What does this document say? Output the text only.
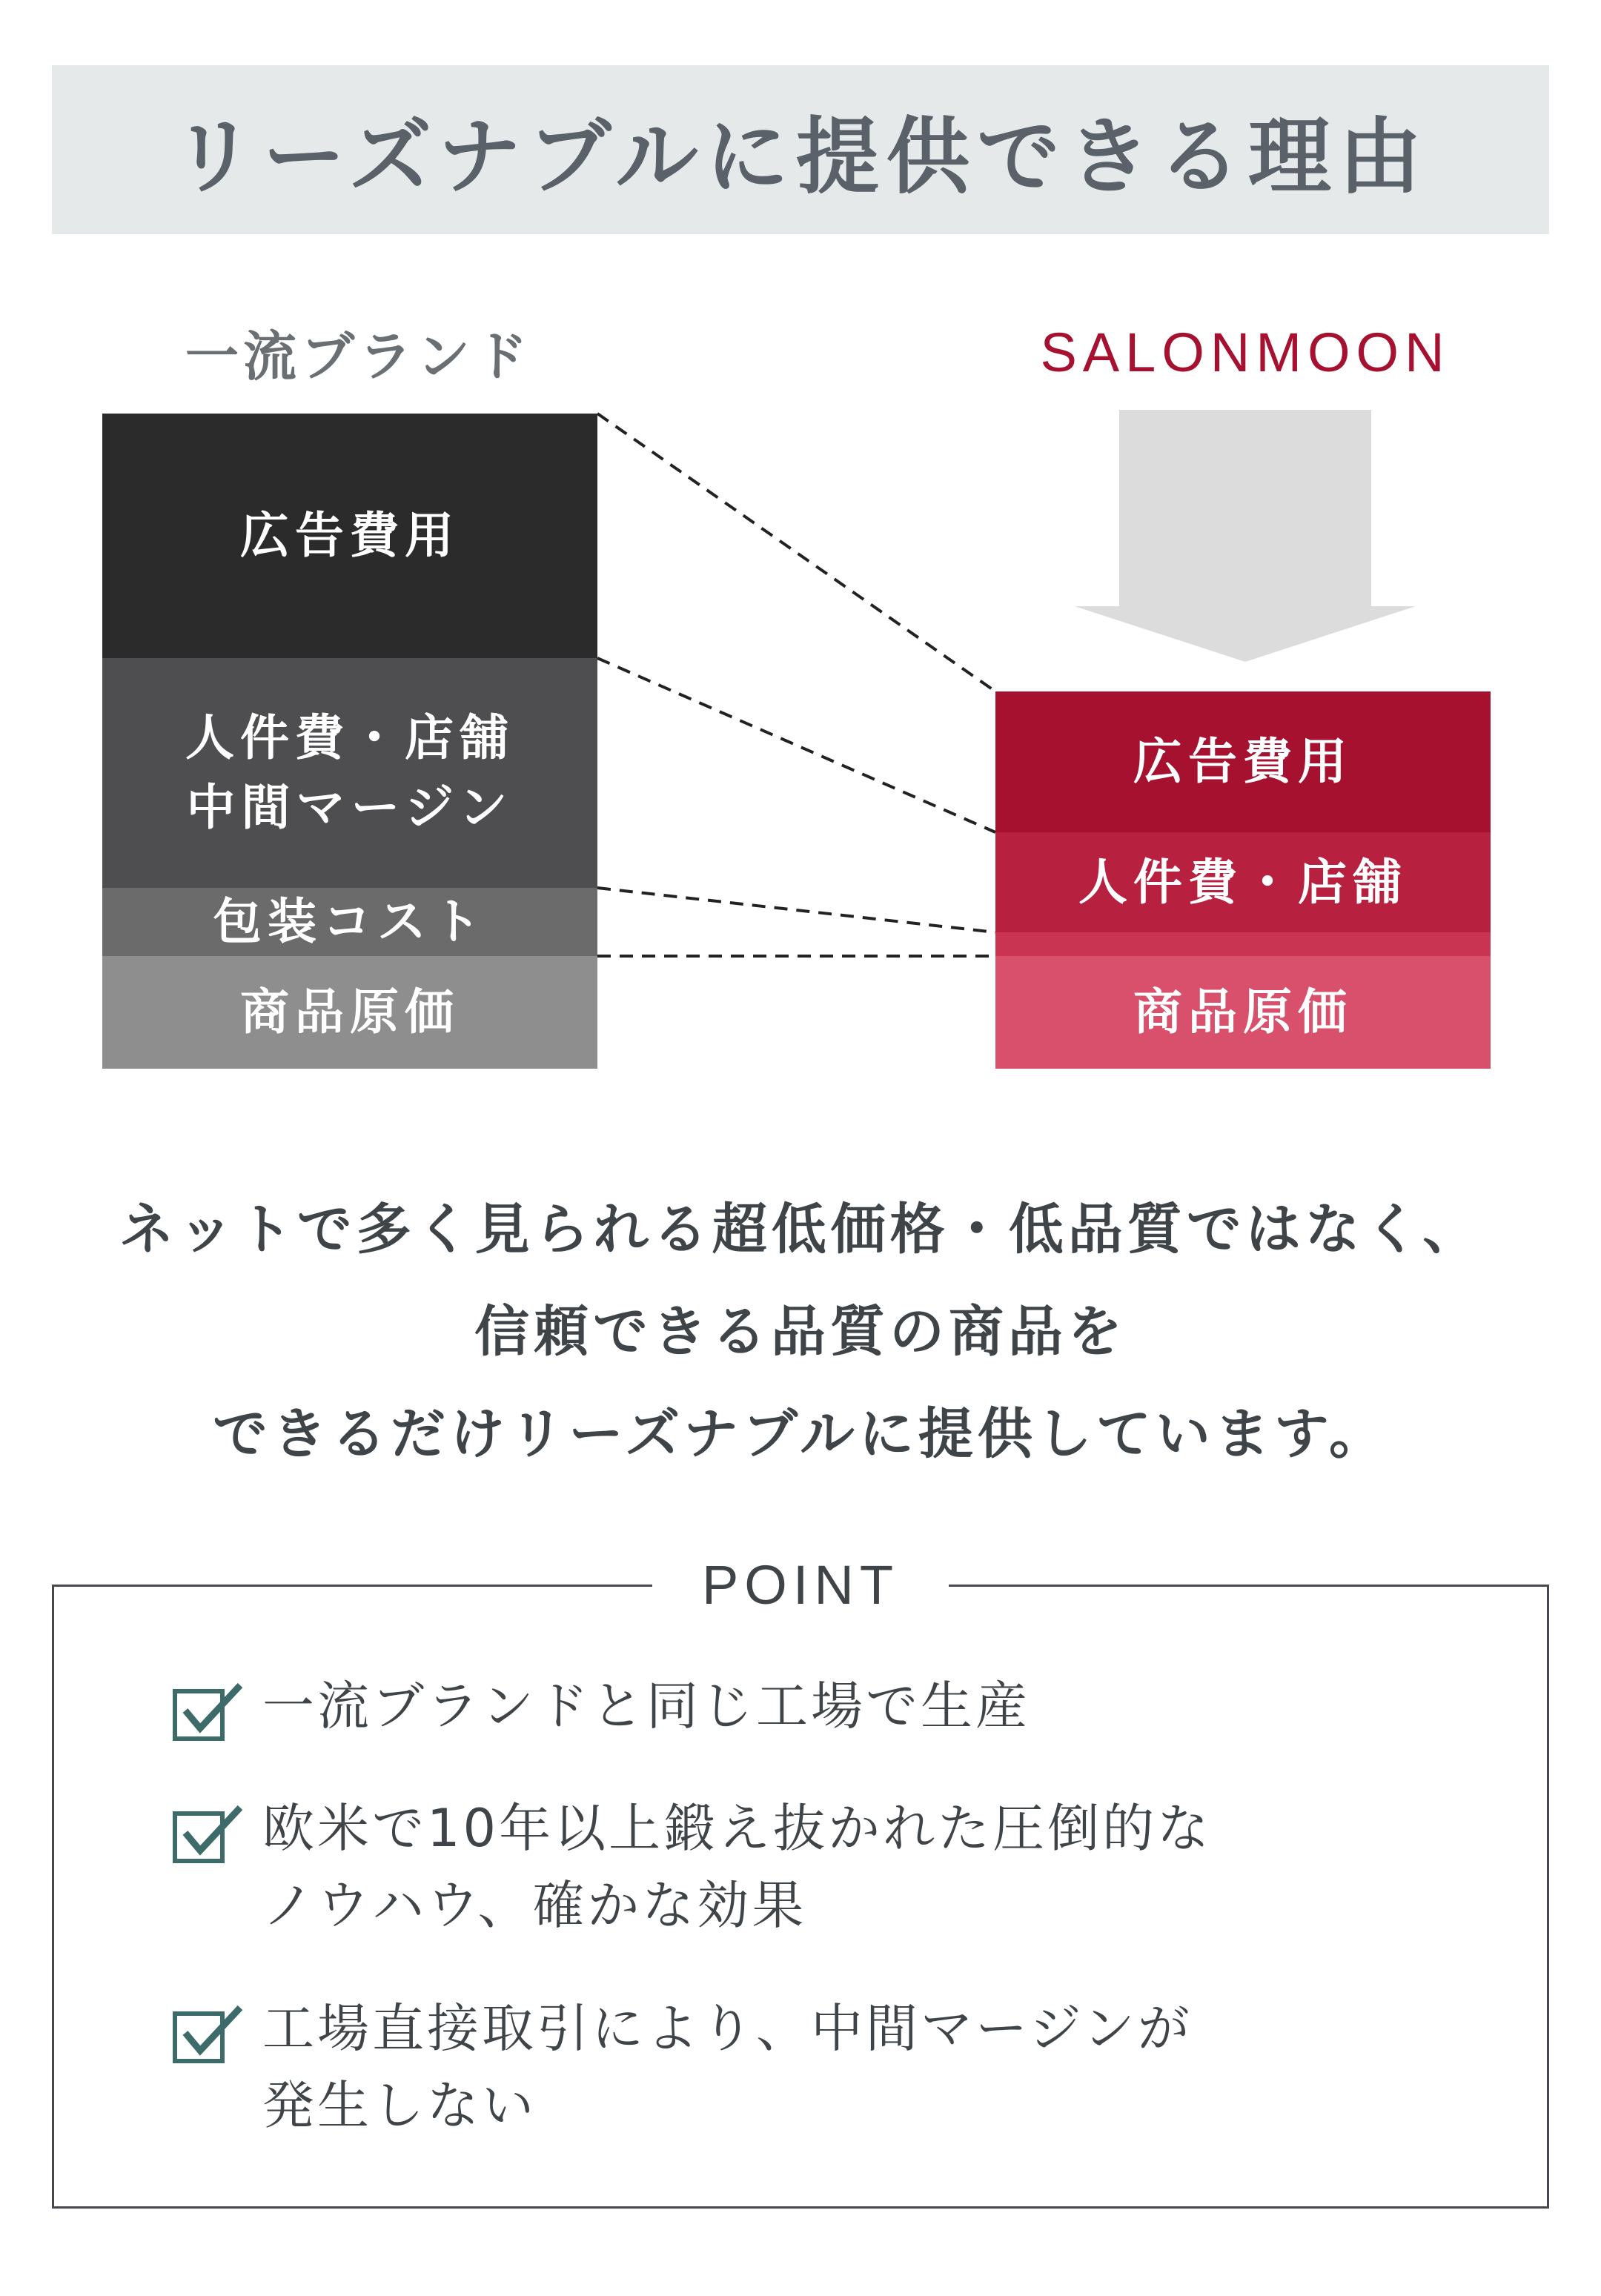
リーズナブルに提供できる理由
一流ブランド	SALONMOON
広告費用
人件費・店舗
中間マージン
包装コスト
商品原価
広告費用
人件費・店舗
商品原価
ネットで多く見られる超低価格・低品質ではなく、
信頼できる品質の商品を
できるだけリーズナブルに提供しています。
POINT
一流ブランドと同じ工場で生産
欧米で10年以上鍛え抜かれた圧倒的な
ノウハウ、確かな効果
工場直接取引により、中間マージンが
発生しない
